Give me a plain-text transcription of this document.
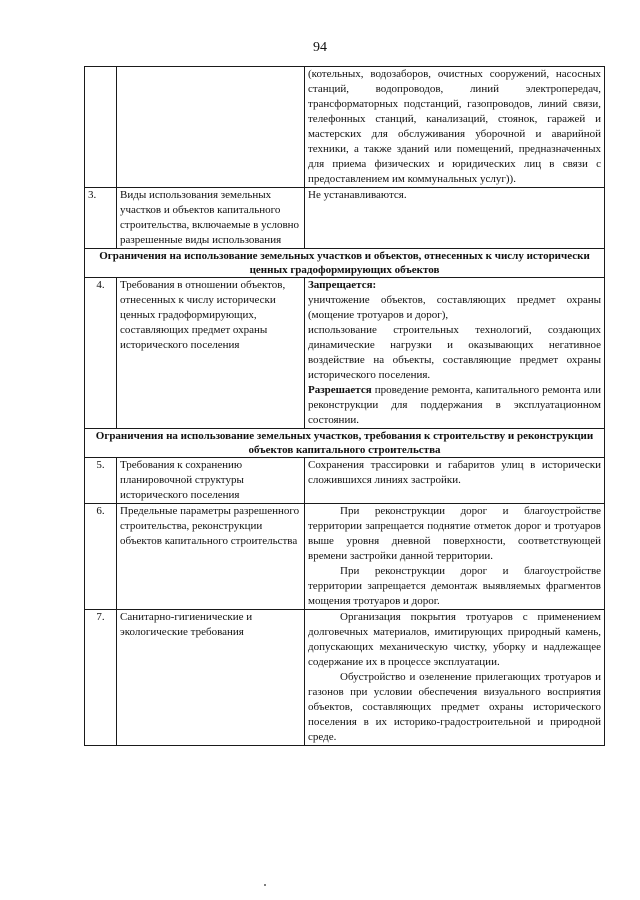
94

		(котельных, водозаборов, очистных сооружений, насосных станций, водопроводов, линий электропередач, трансформаторных подстанций, газопроводов, линий связи, телефонных станций, канализаций, стоянок, гаражей и мастерских для обслуживания уборочной и аварийной техники, а также зданий или помещений, предназначенных для приема физических и юридических лиц в связи с предоставлением им коммунальных услуг)).

3.	Виды использования земельных участков и объектов капитального строительства, включаемые в условно разрешенные виды использования	Не устанавливаются.

Ограничения на использование земельных участков и объектов, отнесенных к числу исторически ценных градоформирующих объектов		
4.	Требования в отношении объектов, отнесенных к числу исторически ценных градоформирующих, составляющих предмет охраны исторического поселения	Запрещается:

уничтожение объектов, составляющих предмет охраны (мощение тротуаров и дорог),

использование строительных технологий, создающих динамические нагрузки и оказывающих негативное воздействие на объекты, составляющие предмет охраны исторического поселения.

Разрешается проведение ремонта, капитального ремонта или реконструкции для поддержания в эксплуатационном состоянии.

Ограничения на использование земельных участков, требования к строительству и реконструкции объектов капитального строительства		
5.	Требования к сохранению планировочной структуры исторического поселения	Сохранения трассировки и габаритов улиц в исторически сложившихся линиях застройки.

6.	Предельные параметры разрешенного строительства, реконструкции объектов капитального строительства	При реконструкции дорог и благоустройстве территории запрещается поднятие отметок дорог и тротуаров выше уровня дневной поверхности, соответствующей времени застройки данной территории.

При реконструкции дорог и благоустройстве территории запрещается демонтаж выявляемых фрагментов мощения тротуаров и дорог.

7.	Санитарно-гигиенические и экологические требования	Организация покрытия тротуаров с применением долговечных материалов, имитирующих природный камень, допускающих механическую чистку, уборку и надлежащее содержание их в процессе эксплуатации.

Обустройство и озеленение прилегающих тротуаров и газонов при условии обеспечения визуального восприятия объектов, составляющих предмет охраны исторического поселения в их историко-градостроительной и природной среде.
